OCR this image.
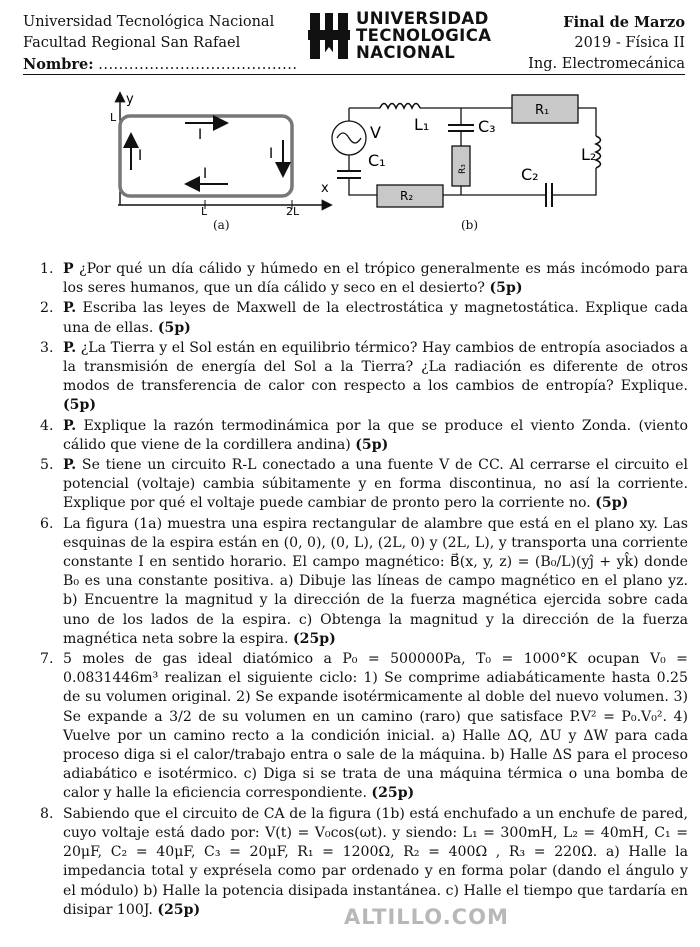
Universidad Tecnológica Nacional
Facultad Regional San Rafael
Nombre: .......................................
UNIVERSIDAD
TECNOLOGICA
NACIONAL
Final de Marzo
2019 - Física II
Ing. Electromecánica
I
I
I	I
y
L
x
L	2L
V L₁	C₃
R₁
L₂
C₁
C₂
R₂
R₃
(a)	(b)
1. P ¿Por qué un día cálido y húmedo en el trópico generalmente es más incómodo para los seres humanos, que un día cálido y seco en el desierto? (5p)
2. P. Escriba las leyes de Maxwell de la electrostática y magnetostática. Explique cada una de ellas. (5p)
3. P. ¿La Tierra y el Sol están en equilibrio térmico? Hay cambios de entropía asociados a la transmisión de energía del Sol a la Tierra? ¿La radiación es diferente de otros modos de transferencia de calor con respecto a los cambios de entropía? Explique. (5p)
4. P. Explique la razón termodinámica por la que se produce el viento Zonda. (viento cálido que viene de la cordillera andina) (5p)
5. P. Se tiene un circuito R-L conectado a una fuente V de CC. Al cerrarse el circuito el potencial (voltaje) cambia súbitamente y en forma discontinua, no así la corriente. Explique por qué el voltaje puede cambiar de pronto pero la corriente no. (5p)
6. La figura (1a) muestra una espira rectangular de alambre que está en el plano xy. Las esquinas de la espira están en (0, 0), (0, L), (2L, 0) y (2L, L), y transporta una corriente constante I en sentido horario. El campo magnético: B⃗(x, y, z) = (B₀/L)(yĵ + yk̂) donde B₀ es una constante positiva. a) Dibuje las líneas de campo magnético en el plano yz. b) Encuentre la magnitud y la dirección de la fuerza magnética ejercida sobre cada uno de los lados de la espira. c) Obtenga la magnitud y la dirección de la fuerza magnética neta sobre la espira. (25p)
7. 5 moles de gas ideal diatómico a P₀ = 500000Pa, T₀ = 1000°K ocupan V₀ = 0.0831446m³ realizan el siguiente ciclo: 1) Se comprime adiabáticamente hasta 0.25 de su volumen original. 2) Se expande isotérmicamente al doble del nuevo volumen. 3) Se expande a 3/2 de su volumen en un camino (raro) que satisface P.V² = P₀.V₀². 4) Vuelve por un camino recto a la condición inicial. a) Halle ΔQ, ΔU y ΔW para cada proceso diga si el calor/trabajo entra o sale de la máquina. b) Halle ΔS para el proceso adiabático e isotérmico. c) Diga si se trata de una máquina térmica o una bomba de calor y halle la eficiencia correspondiente. (25p)
8. Sabiendo que el circuito de CA de la figura (1b) está enchufado a un enchufe de pared, cuyo voltaje está dado por: V(t) = V₀cos(ωt). y siendo: L₁ = 300mH, L₂ = 40mH, C₁ = 20μF, C₂ = 40μF, C₃ = 20μF, R₁ = 1200Ω, R₂ = 400Ω , R₃ = 220Ω. a) Halle la impedancia total y exprésela como par ordenado y en forma polar (dando el ángulo y el módulo) b) Halle la potencia disipada instantánea. c) Halle el tiempo que tardaría en disipar 100J. (25p)	ALTILLO.COM
